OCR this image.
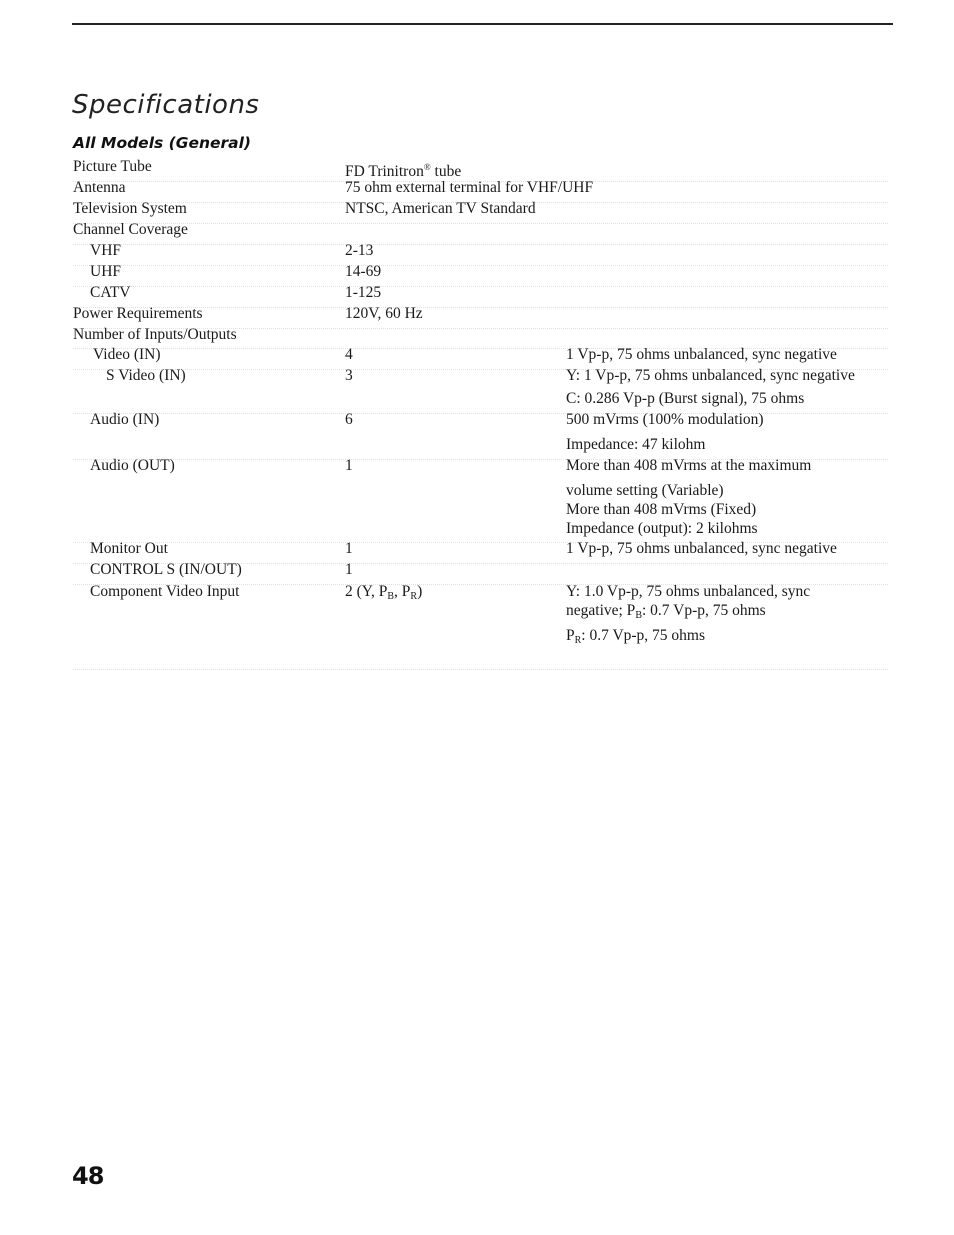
Specifications
All Models (General)
Picture Tube	FD Trinitron® tube
Antenna	75 ohm external terminal for VHF/UHF
Television System	NTSC, American TV Standard
Channel Coverage
VHF	2-13
UHF	14-69
CATV	1-125
Power Requirements	120V, 60 Hz
Number of Inputs/Outputs
Video (IN)	4	1 Vp-p, 75 ohms unbalanced, sync negative
S Video (IN)	3	Y: 1 Vp-p, 75 ohms unbalanced, sync negative
C: 0.286 Vp-p (Burst signal), 75 ohms
Audio (IN)	6	500 mVrms (100% modulation)
Impedance: 47 kilohm
Audio (OUT)	1	More than 408 mVrms at the maximum
volume setting (Variable)
More than 408 mVrms (Fixed)
Impedance (output): 2 kilohms
Monitor Out	1	1 Vp-p, 75 ohms unbalanced, sync negative
CONTROL S (IN/OUT)	1
Component Video Input	2 (Y, $P_B$, $P_R$)	Y: 1.0 Vp-p, 75 ohms unbalanced, sync
negative; $P_B$: 0.7 Vp-p, 75 ohms
$P_R$: 0.7 Vp-p, 75 ohms
48
